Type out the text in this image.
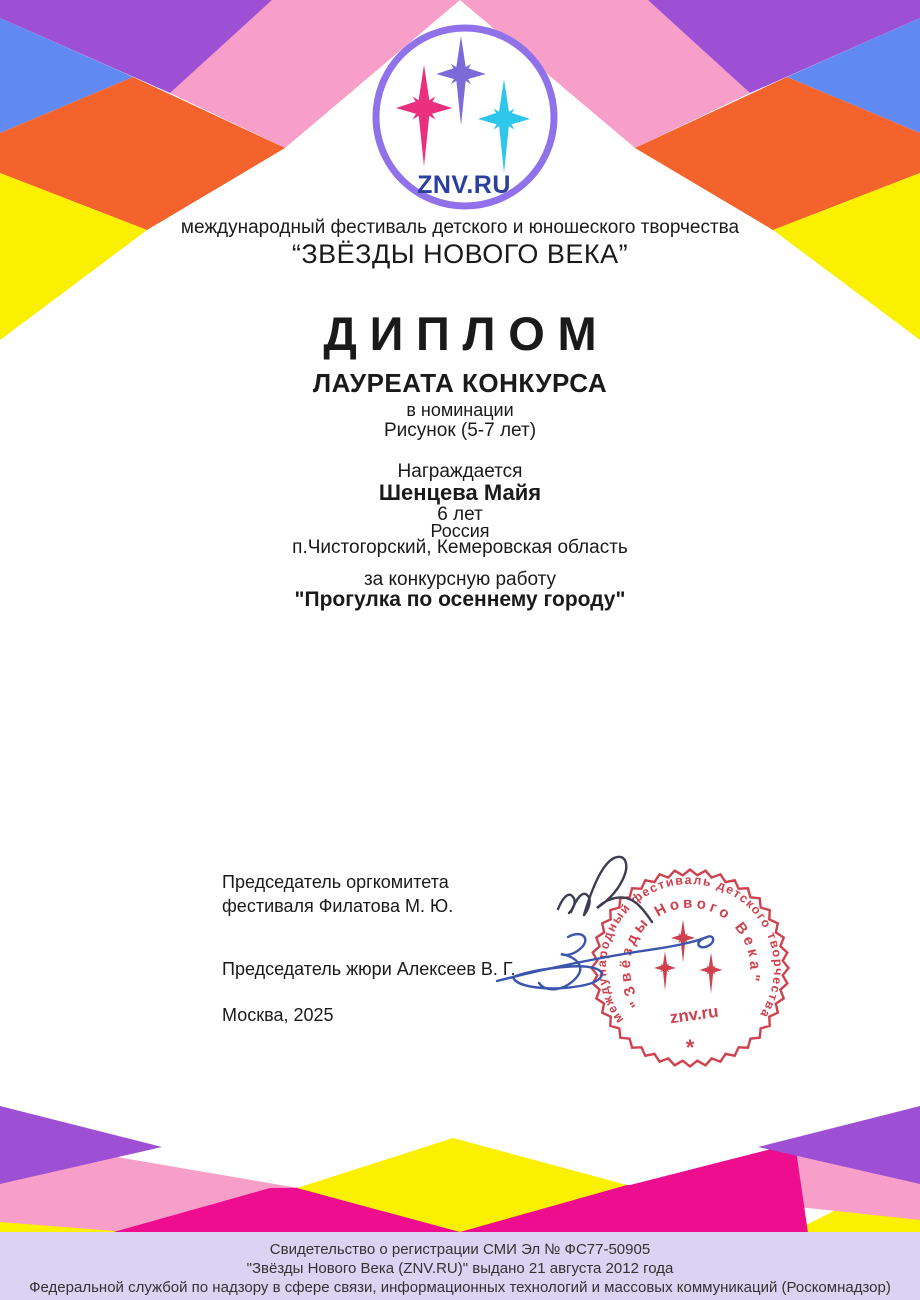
ZNV.RU
международный фестиваль детского и юношеского творчества
“ЗВЁЗДЫ НОВОГО ВЕКА”
ДИПЛОМ
ЛАУРЕАТА КОНКУРСА
в номинации
Рисунок (5-7 лет)
Награждается
Шенцева Майя
6 лет
Россия
п.Чистогорский, Кемеровская область
за конкурсную работу
"Прогулка по осеннему городу"
Председатель оргкомитета
фестиваля Филатова М. Ю.
Председатель жюри Алексеев В. Г.
Москва, 2025	международный фестиваль детского творчества
"Звёзды Нового Века"
znv.ru
*
Свидетельство о регистрации СМИ Эл № ФС77-50905
"Звёзды Нового Века (ZNV.RU)" выдано 21 августа 2012 года
Федеральной службой по надзору в сфере связи, информационных технологий и массовых коммуникаций (Роскомнадзор)
